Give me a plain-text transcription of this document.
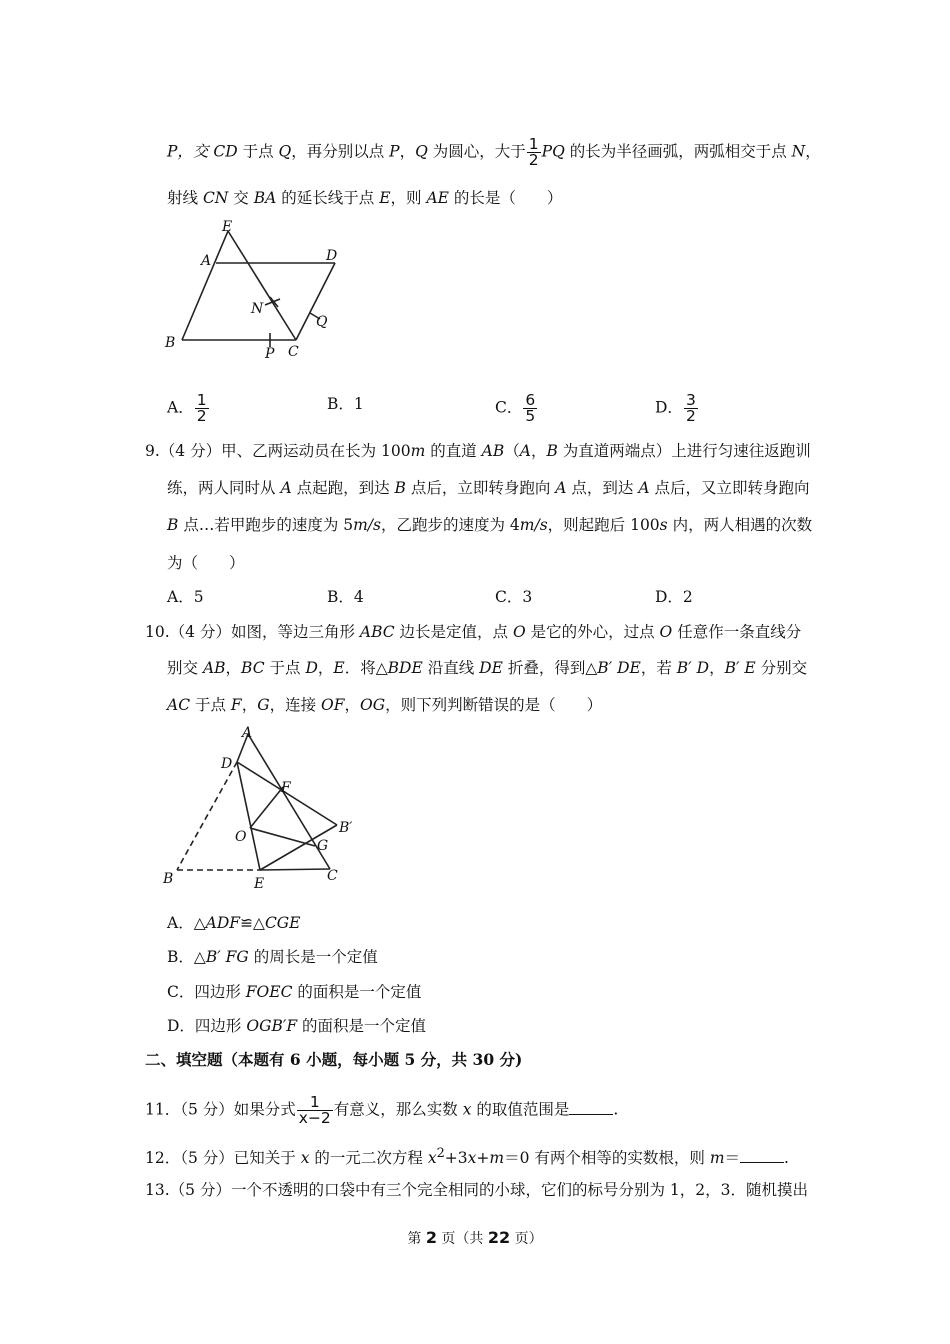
P，交 CD 于点 Q，再分别以点 P，Q 为圆心，大于 $\frac{1}{2}$ PQ 的长为半径画弧，两弧相交于点 N，
射线 CN 交 BA 的延长线于点 E，则 AE 的长是（　　）
E
A	D
N
Q
B
P C
A． $\frac{1}{2}$	B．1	C． $\frac{6}{5}$	D． $\frac{3}{2}$
9.（4 分）甲、乙两运动员在长为 100m 的直道 AB（A，B 为直道两端点）上进行匀速往返跑训
练，两人同时从 A 点起跑，到达 B 点后，立即转身跑向 A 点，到达 A 点后，又立即转身跑向
B 点…若甲跑步的速度为 5m/s，乙跑步的速度为 4m/s，则起跑后 100s 内，两人相遇的次数
为（　　）
A．5	B．4	C．3	D．2
10.（4 分）如图，等边三角形 ABC 边长是定值，点 O 是它的外心，过点 O 任意作一条直线分
别交 AB，BC 于点 D，E．将△BDE 沿直线 DE 折叠，得到△B′ DE，若 B′ D，B′ E 分别交
AC 于点 F，G，连接 OF，OG，则下列判断错误的是（　　）
A
D
F
B′
O
G
B	E	C
A．△ADF≌△CGE
B．△B′ FG 的周长是一个定值
C．四边形 FOEC 的面积是一个定值
D．四边形 OGB′F 的面积是一个定值
二、填空题（本题有 6 小题，每小题 5 分，共 30 分)
11．（5 分）如果分式 $\frac{1}{x-2}$ 有意义，那么实数 x 的取值范围是	.
12．（5 分）已知关于 x 的一元二次方程 $x^2+3x+m=0$ 有两个相等的实数根，则 m＝	.
13.（5 分）一个不透明的口袋中有三个完全相同的小球，它们的标号分别为 1，2，3．随机摸出
第 2 页（共 22 页）
